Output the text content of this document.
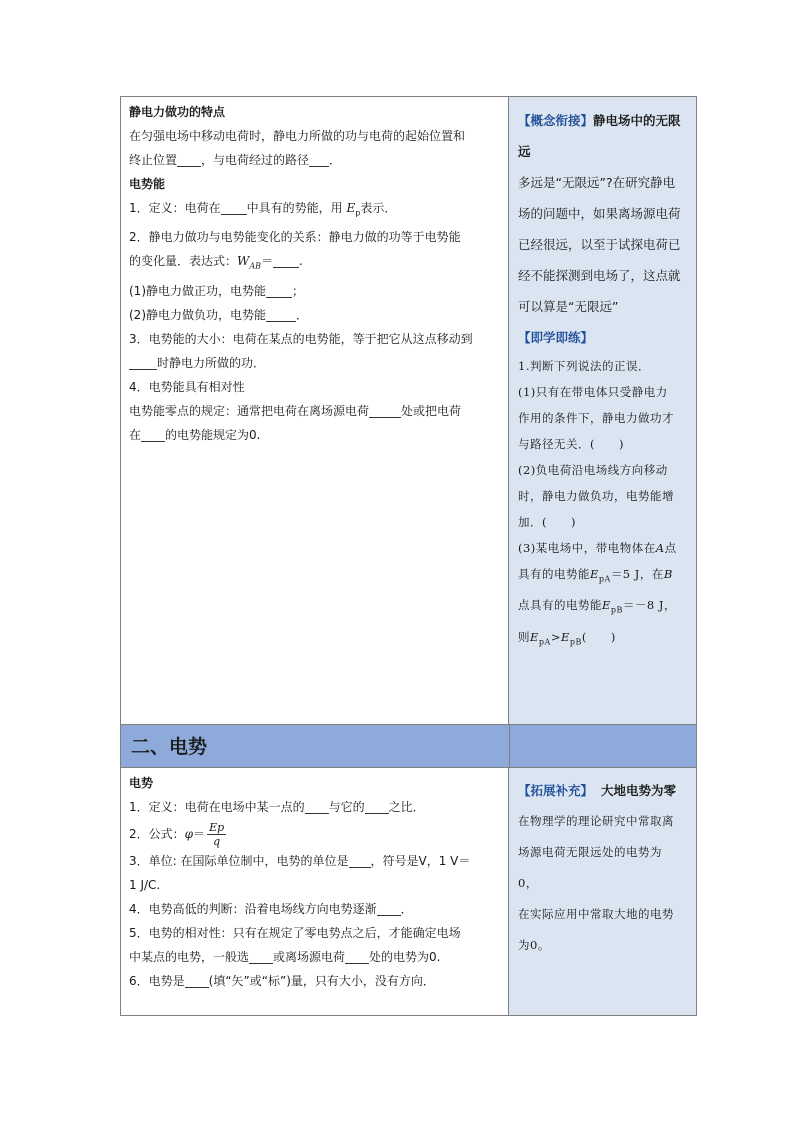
静电力做功的特点

在匀强电场中移动电荷时，静电力所做的功与电荷的起始位置和

终止位置 ，与电荷经过的路径 ．

电势能

1．定义：电荷在 中具有的势能，用 $E_p$表示．

2．静电力做功与电势能变化的关系：静电力做的功等于电势能

的变化量．表达式：$W_{AB}=$ .

(1)静电力做正功，电势能 ；

(2)静电力做负功，电势能	．

3．电势能的大小：电荷在某点的电势能，等于把它从这点移动到

时静电力所做的功．

4．电势能具有相对性

电势能零点的规定：通常把电荷在离场源电荷	处或把电荷

在 的电势能规定为0.

【概念衔接】静电场中的无限

远

多远是“无限远”?在研究静电

场的问题中，如果离场源电荷

已经很远，以至于试探电荷已

经不能探测到电场了，这点就

可以算是“无限远”

【即学即练】

1.判断下列说法的正误．
(1)只有在带电体只受静电力
作用的条件下，静电力做功才
与路径无关．(　　)
(2)负电荷沿电场线方向移动
时，静电力做负功，电势能增
加．(　　)
(3)某电场中，带电物体在A点
具有的电势能$E_{pA}=5$ J，在B
点具有的电势能$E_{pB}=-8$ J，
则$E_{pA}>E_{pB}$(　　)
二、电势

电势

1．定义：电荷在电场中某一点的 与它的 之比．

2．公式：$\varphi= \frac{Ep}{q}$

3．单位: 在国际单位制中，电势的单位是 ，符号是V，1 V＝

1 J/C.

4．电势高低的判断：沿着电场线方向电势逐渐 ．

5．电势的相对性：只有在规定了零电势点之后，才能确定电场

中某点的电势，一般选 或离场源电荷 处的电势为0.

6．电势是 (填“矢”或“标”)量，只有大小，没有方向．

【拓展补充】 大地电势为零
在物理学的理论研究中常取离
场源电荷无限远处的电势为　0，
在实际应用中常取大地的电势
为0。
